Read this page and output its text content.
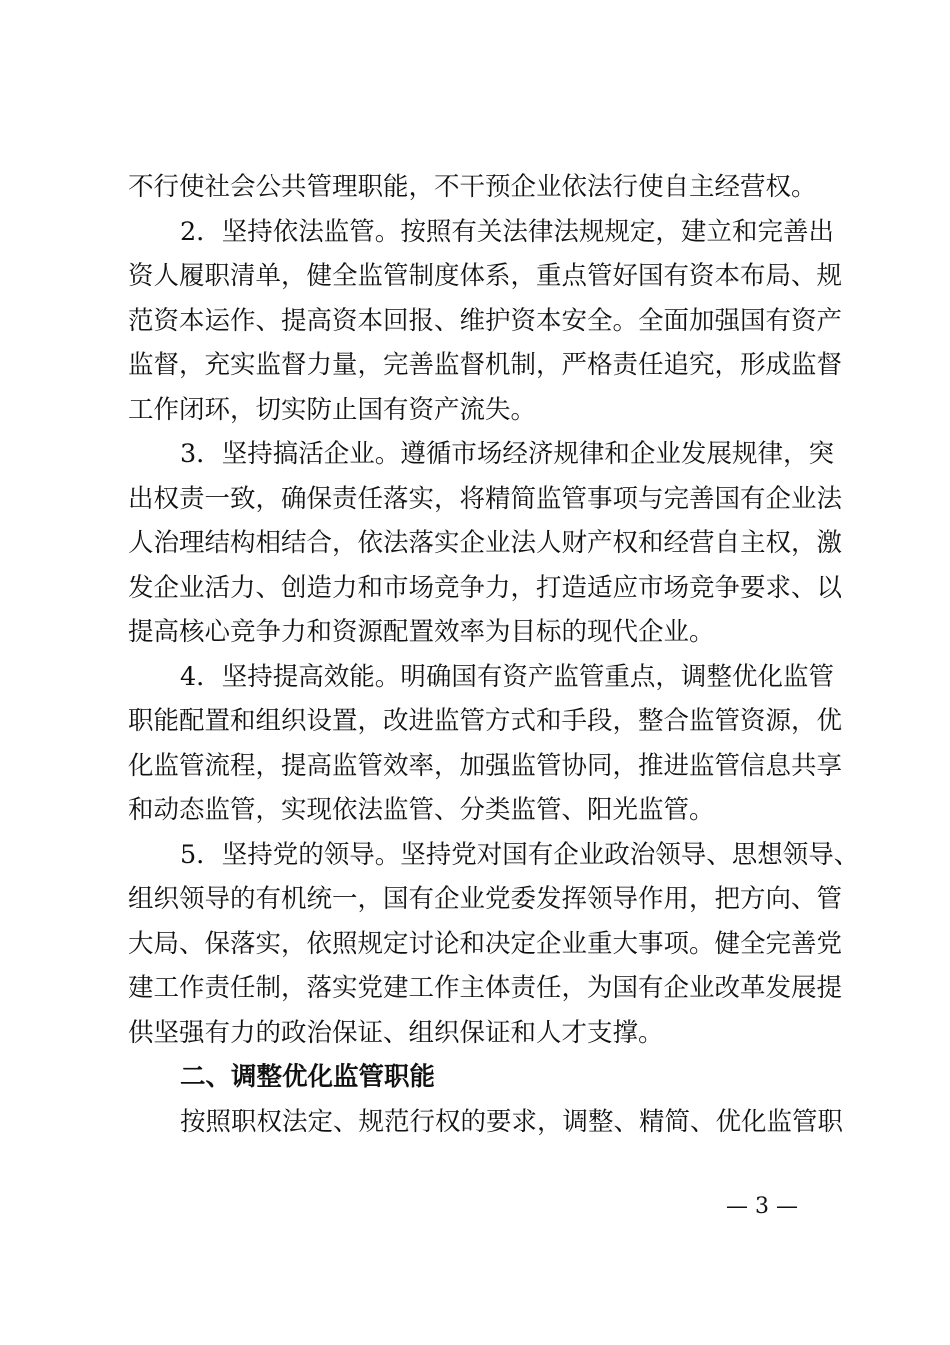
不行使社会公共管理职能，不干预企业依法行使自主经营权。
2．坚持依法监管。按照有关法律法规规定，建立和完善出
资人履职清单，健全监管制度体系，重点管好国有资本布局、规
范资本运作、提高资本回报、维护资本安全。全面加强国有资产
监督，充实监督力量，完善监督机制，严格责任追究，形成监督
工作闭环，切实防止国有资产流失。
3．坚持搞活企业。遵循市场经济规律和企业发展规律，突
出权责一致，确保责任落实，将精简监管事项与完善国有企业法
人治理结构相结合，依法落实企业法人财产权和经营自主权，激
发企业活力、创造力和市场竞争力，打造适应市场竞争要求、以
提高核心竞争力和资源配置效率为目标的现代企业。
4．坚持提高效能。明确国有资产监管重点，调整优化监管
职能配置和组织设置，改进监管方式和手段，整合监管资源，优
化监管流程，提高监管效率，加强监管协同，推进监管信息共享
和动态监管，实现依法监管、分类监管、阳光监管。
5．坚持党的领导。坚持党对国有企业政治领导、思想领导、
组织领导的有机统一，国有企业党委发挥领导作用，把方向、管
大局、保落实，依照规定讨论和决定企业重大事项。健全完善党
建工作责任制，落实党建工作主体责任，为国有企业改革发展提
供坚强有力的政治保证、组织保证和人才支撑。
二、调整优化监管职能
按照职权法定、规范行权的要求，调整、精简、优化监管职
— 3 —
